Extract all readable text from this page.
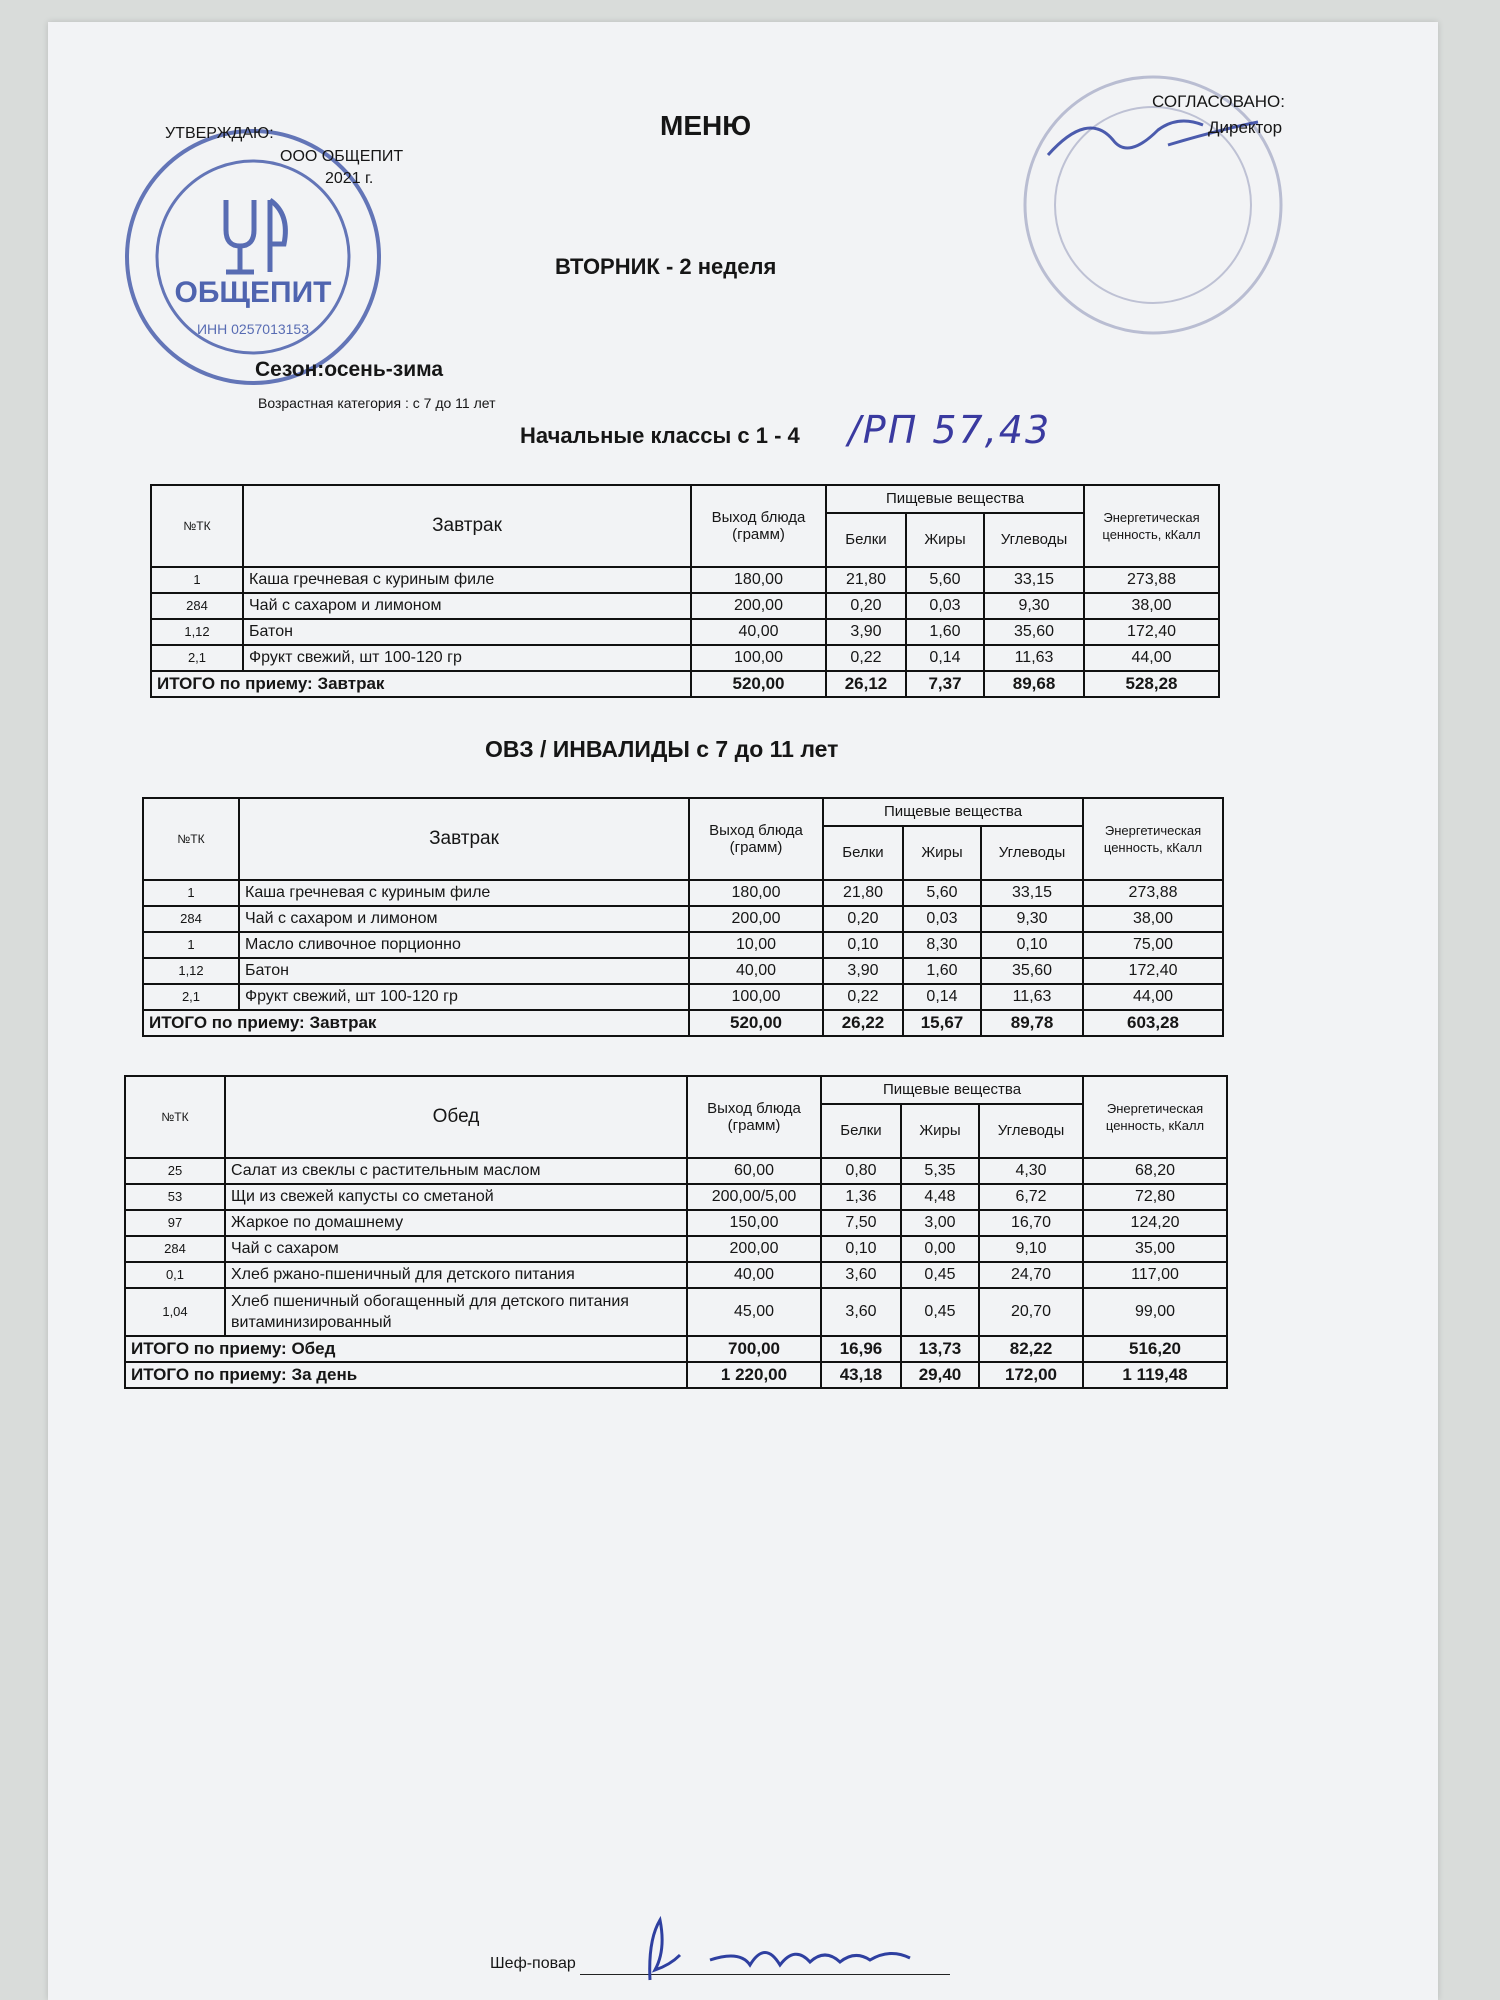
ОБЩЕПИТ
ИНН 0257013153
УТВЕРЖДАЮ:
ООО ОБЩЕПИТ
2021 г.
МЕНЮ
СОГЛАСОВАНО:
Директор
ВТОРНИК - 2 неделя
Сезон:осень-зима
Возрастная категория : с 7 до 11 лет
Начальные классы с 1 - 4 /РП 57,43
№ТК	Завтрак	Выход блюда (грамм)	Пищевые вещества			Энергетическая ценность, кКалл
			Белки	Жиры	Углеводы	
1	Каша гречневая с куриным филе	180,00	21,80	5,60	33,15	273,88
284	Чай с сахаром и лимоном	200,00	0,20	0,03	9,30	38,00
1,12	Батон	40,00	3,90	1,60	35,60	172,40
2,1	Фрукт свежий, шт 100-120 гр	100,00	0,22	0,14	11,63	44,00
ИТОГО по приему: Завтрак		520,00	26,12	7,37	89,68	528,28
ОВЗ / ИНВАЛИДЫ с 7 до 11 лет
№ТК	Завтрак	Выход блюда (грамм)	Пищевые вещества			Энергетическая ценность, кКалл
			Белки	Жиры	Углеводы	
1	Каша гречневая с куриным филе	180,00	21,80	5,60	33,15	273,88
284	Чай с сахаром и лимоном	200,00	0,20	0,03	9,30	38,00
1	Масло сливочное порционно	10,00	0,10	8,30	0,10	75,00
1,12	Батон	40,00	3,90	1,60	35,60	172,40
2,1	Фрукт свежий, шт 100-120 гр	100,00	0,22	0,14	11,63	44,00
ИТОГО по приему: Завтрак		520,00	26,22	15,67	89,78	603,28
№ТК	Обед	Выход блюда (грамм)	Пищевые вещества			Энергетическая ценность, кКалл
			Белки	Жиры	Углеводы	
25	Салат из свеклы с растительным маслом	60,00	0,80	5,35	4,30	68,20
53	Щи из свежей капусты со сметаной	200,00/5,00	1,36	4,48	6,72	72,80
97	Жаркое по домашнему	150,00	7,50	3,00	16,70	124,20
284	Чай с сахаром	200,00	0,10	0,00	9,10	35,00
0,1	Хлеб ржано-пшеничный для детского питания	40,00	3,60	0,45	24,70	117,00
1,04	Хлеб пшеничный обогащенный для детского питания витаминизированный	45,00	3,60	0,45	20,70	99,00
ИТОГО по приему: Обед		700,00	16,96	13,73	82,22	516,20
ИТОГО по приему: За день		1 220,00	43,18	29,40	172,00	1 119,48
Шеф-повар
